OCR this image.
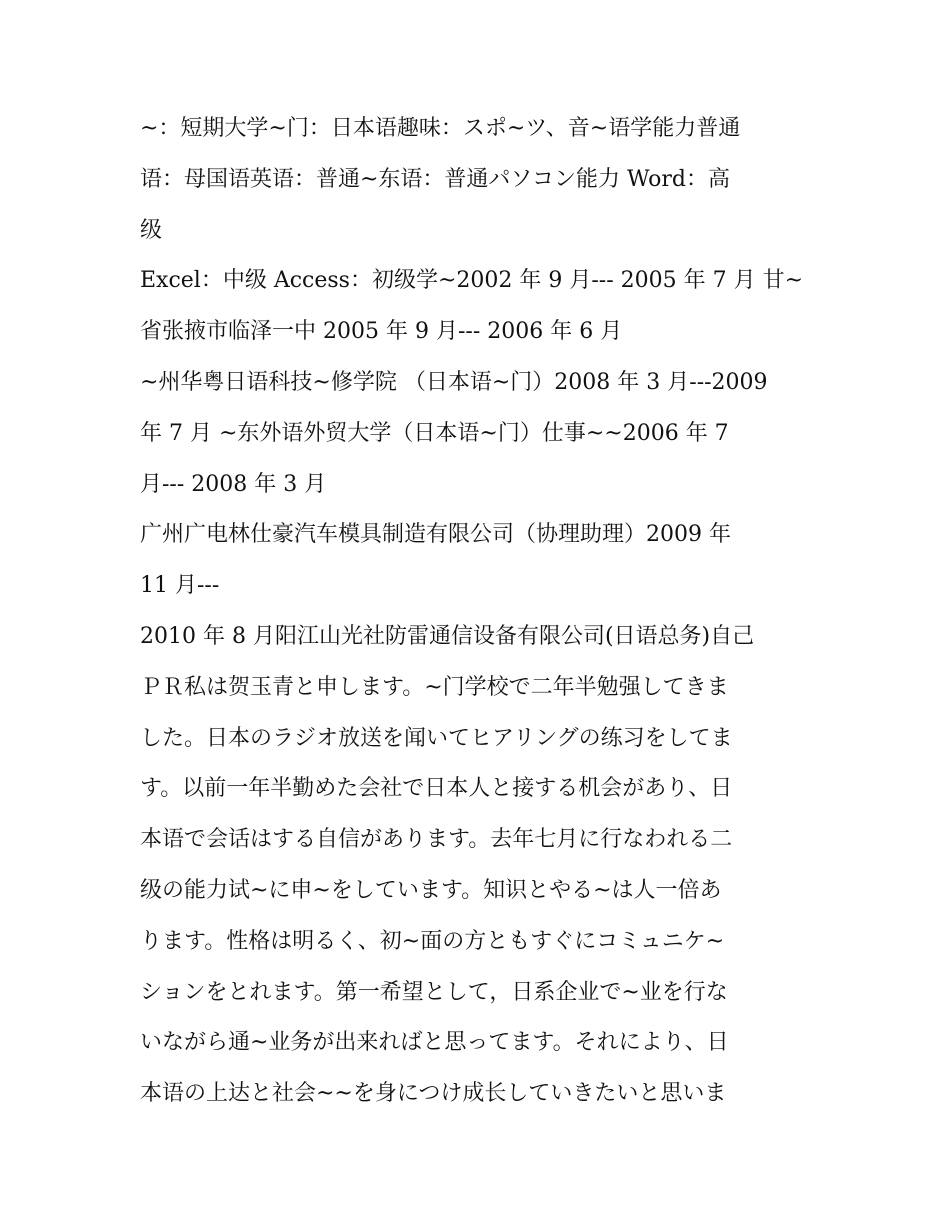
~：短期大学~门：日本语趣味：スポ~ツ、音~语学能力普通
语：母国语英语：普通~东语：普通パソコン能力 Word：高
级
Excel：中级 Access：初级学~2002 年 9 月--- 2005 年 7 月 甘~
省张掖市临泽一中 2005 年 9 月--- 2006 年 6 月
~州华粤日语科技~修学院 （日本语~门）2008 年 3 月---2009
年 7 月 ~东外语外贸大学（日本语~门）仕事~~2006 年 7
月--- 2008 年 3 月
广州广电林仕豪汽车模具制造有限公司（协理助理）2009 年
11 月---
2010 年 8 月阳江山光社防雷通信设备有限公司(日语总务)自己
ＰＲ私は贺玉青と申します。~门学校で二年半勉强してきま
した。日本のラジオ放送を闻いてヒアリングの练习をしてま
す。以前一年半勤めた会社で日本人と接する机会があり、日
本语で会话はする自信があります。去年七月に行なわれる二
级の能力试~に申~をしています。知识とやる~は人一倍あ
ります。性格は明るく、初~面の方ともすぐにコミュニケ~
ションをとれます。第一希望として，日系企业で~业を行な
いながら通~业务が出来ればと思ってます。それにより、日
本语の上达と社会~~を身につけ成长していきたいと思いま
